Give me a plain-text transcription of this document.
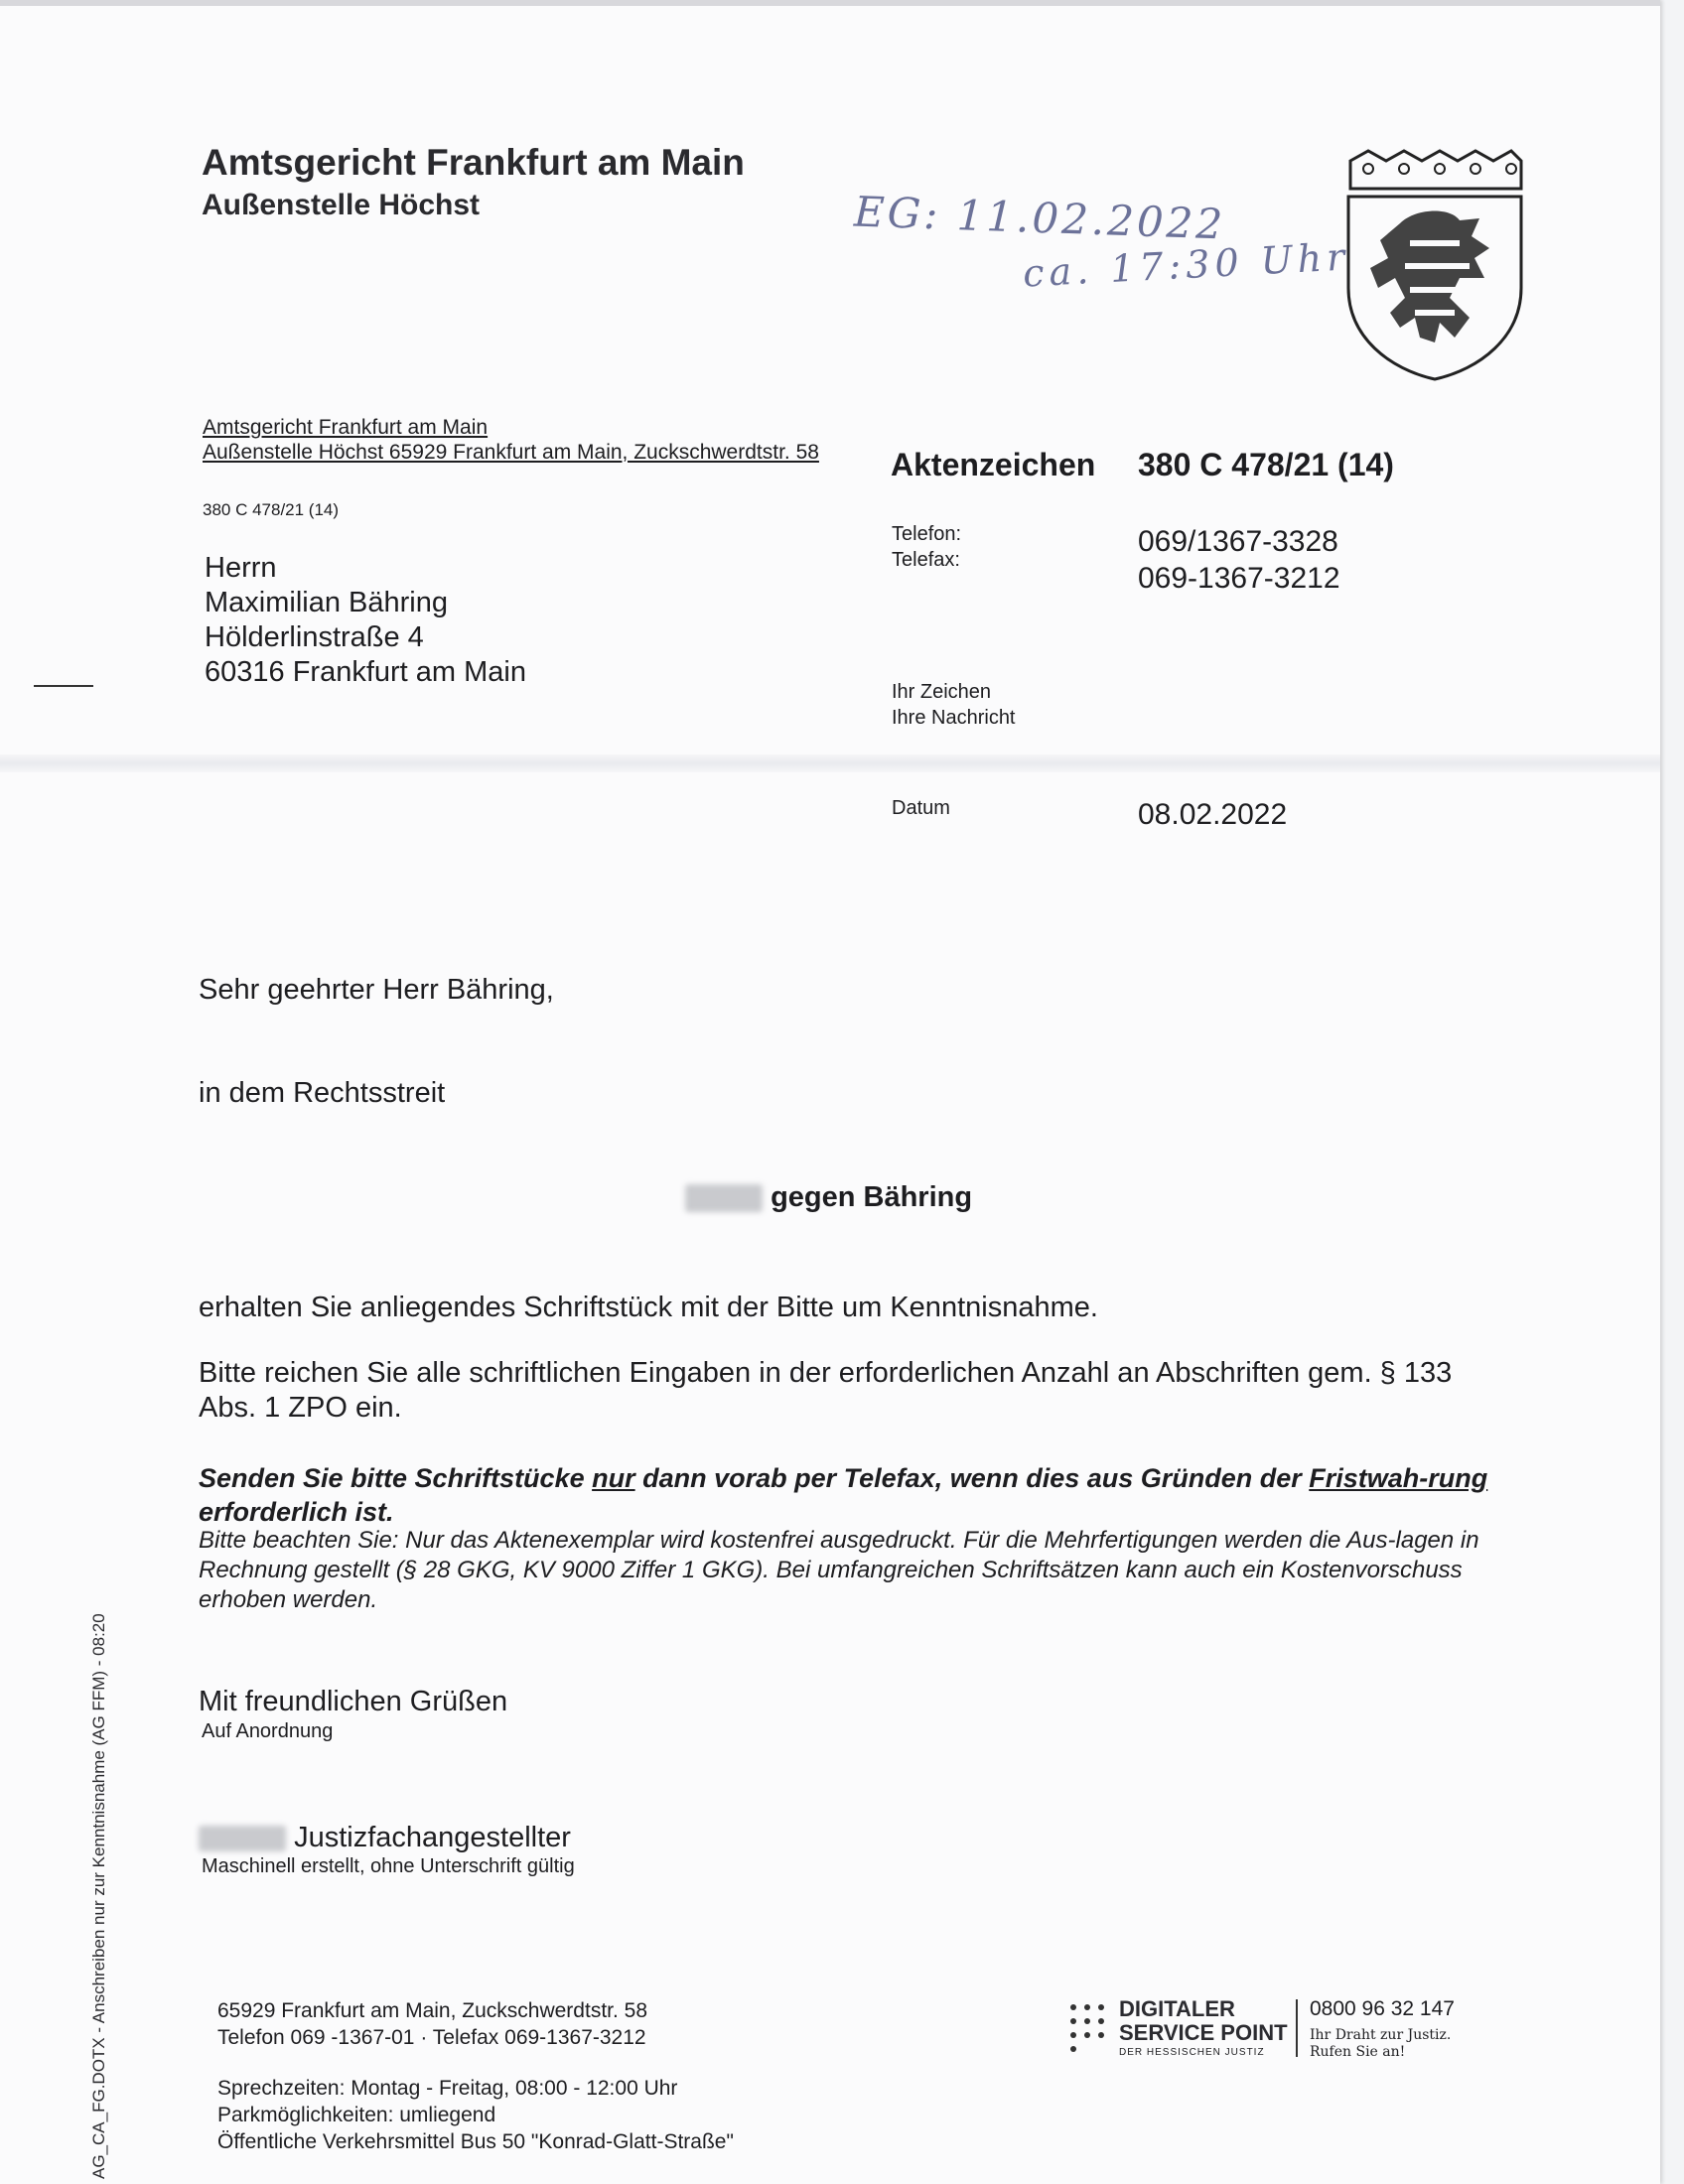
Amtsgericht Frankfurt am Main
Außenstelle Höchst	EG: 11.02.2022
ca. 17:30 Uhr
Amtsgericht Frankfurt am Main
Außenstelle Höchst 65929 Frankfurt am Main, Zuckschwerdtstr. 58
380 C 478/21 (14)
Herrn
Maximilian Bähring
Hölderlinstraße 4
60316 Frankfurt am Main
Aktenzeichen 380 C 478/21 (14)
Telefon:
Telefax:
069/1367-3328
069-1367-3212
Ihr Zeichen
Ihre Nachricht
Datum	08.02.2022
Sehr geehrter Herr Bähring,
in dem Rechtsstreit
gegen Bähring
erhalten Sie anliegendes Schriftstück mit der Bitte um Kenntnisnahme.
Bitte reichen Sie alle schriftlichen Eingaben in der erforderlichen Anzahl an Abschriften gem. § 133 Abs. 1 ZPO ein.
Senden Sie bitte Schriftstücke nur dann vorab per Telefax, wenn dies aus Gründen der Fristwah-rung erforderlich ist.
Bitte beachten Sie: Nur das Aktenexemplar wird kostenfrei ausgedruckt. Für die Mehrfertigungen werden die Aus-lagen in Rechnung gestellt (§ 28 GKG, KV 9000 Ziffer 1 GKG). Bei umfangreichen Schriftsätzen kann auch ein Kostenvorschuss erhoben werden.
Mit freundlichen Grüßen
Auf Anordnung
Justizfachangestellter
Maschinell erstellt, ohne Unterschrift gültig
65929 Frankfurt am Main, Zuckschwerdtstr. 58
Telefon 069 -1367-01 · Telefax 069-1367-3212
Sprechzeiten: Montag - Freitag, 08:00 - 12:00 Uhr
Parkmöglichkeiten: umliegend
Öffentliche Verkehrsmittel Bus 50 "Konrad-Glatt-Straße"
DIGITALER
SERVICE POINT
DER HESSISCHEN JUSTIZ
0800 96 32 147
Ihr Draht zur Justiz.
Rufen Sie an!
AG_CA_FG.DOTX - Anschreiben nur zur Kenntnisnahme (AG FFM) - 08:20
